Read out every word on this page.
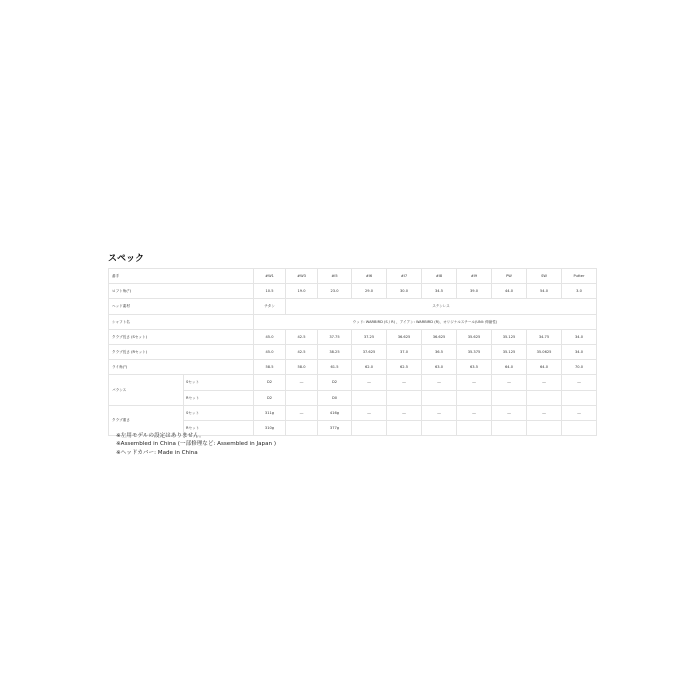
スペック
番手		#W1	#W3	#I5	#I6	#I7	#I8	#I9	PW	SW	Putter
ロフト角(°)		10.5	19.0	23.0	29.0	30.0	34.5	39.0	44.0	54.0	3.0
ヘッド素材		チタン	ステンレス								
シャフト名		ウッド: WARBIRD (S / R) ，アイアン: WARBIRD (R)，オリジナルスチール(UNI: 伸縮性)									
クラブ長さ (Sセット)		45.0	42.5	37.75	37.25	36.625	36.625	35.625	35.125	34.75	34.0
クラブ長さ (Rセット)		45.0	42.5	38.25	37.625	37.0	36.5	35.375	35.125	35.0625	34.0
ライ角(°)		58.5	58.0	61.5	62.0	62.5	63.0	63.5	64.0	64.0	70.0
バランス	Sセット	D2	―	D2	―	―	―	―	―	―	―
	Rセット	D2		D0							
クラブ重さ	Sセット	311g	―	416g	―	―	―	―	―	―	―
	Rセット	310g		377g							
※左用モデルの設定はありません。
※Assembled in China (一部修理など: Assembled in Japan )
※ヘッドカバー: Made in China
